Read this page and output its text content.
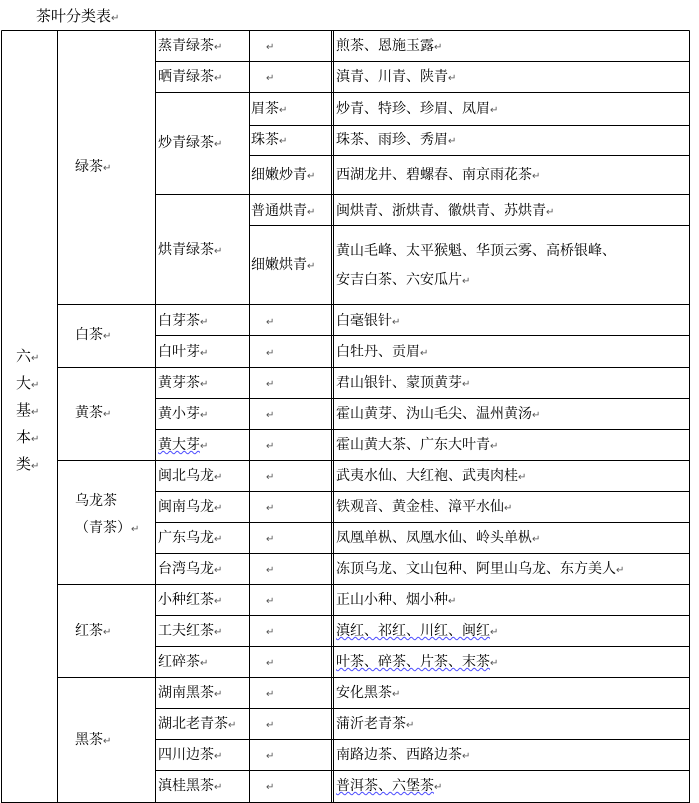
茶叶分类表↵
六↵
大↵
基↵
本↵
类↵
绿茶↵
白茶↵
黄茶↵
乌龙茶
（青茶）↵
红茶↵
黑茶↵
蒸青绿茶↵
晒青绿茶↵
炒青绿茶↵
烘青绿茶↵
白芽茶↵
白叶芽↵
黄芽茶↵
黄小芽↵
黄大芽↵
闽北乌龙↵
闽南乌龙↵
广东乌龙↵
台湾乌龙↵
小种红茶↵
工夫红茶↵
红碎茶↵
湖南黑茶↵
湖北老青茶↵
四川边茶↵
滇桂黑茶↵
眉茶↵
珠茶↵
细嫩炒青↵
普通烘青↵
细嫩烘青↵
↵
↵
↵
↵
↵
↵
↵
↵
↵
↵
↵
↵
↵
↵
↵
↵
↵
↵
煎茶、恩施玉露↵
滇青、川青、陕青↵
炒青、特珍、珍眉、凤眉↵
珠茶、雨珍、秀眉↵
西湖龙井、碧螺春、南京雨花茶↵
闽烘青、浙烘青、徽烘青、苏烘青↵
黄山毛峰、太平猴魁、华顶云雾、高桥银峰、
安吉白茶、六安瓜片↵
白毫银针↵
白牡丹、贡眉↵
君山银针、蒙顶黄芽↵
霍山黄芽、沩山毛尖、温州黄汤↵
霍山黄大茶、广东大叶青↵
武夷水仙、大红袍、武夷肉桂↵
铁观音、黄金桂、漳平水仙↵
凤凰单枞、凤凰水仙、岭头单枞↵
冻顶乌龙、文山包种、阿里山乌龙、东方美人↵
正山小种、烟小种↵
滇红、祁红、川红、闽红↵
叶茶、碎茶、片茶、末茶↵
安化黑茶↵
蒲沂老青茶↵
南路边茶、西路边茶↵
普洱茶、六堡茶↵
